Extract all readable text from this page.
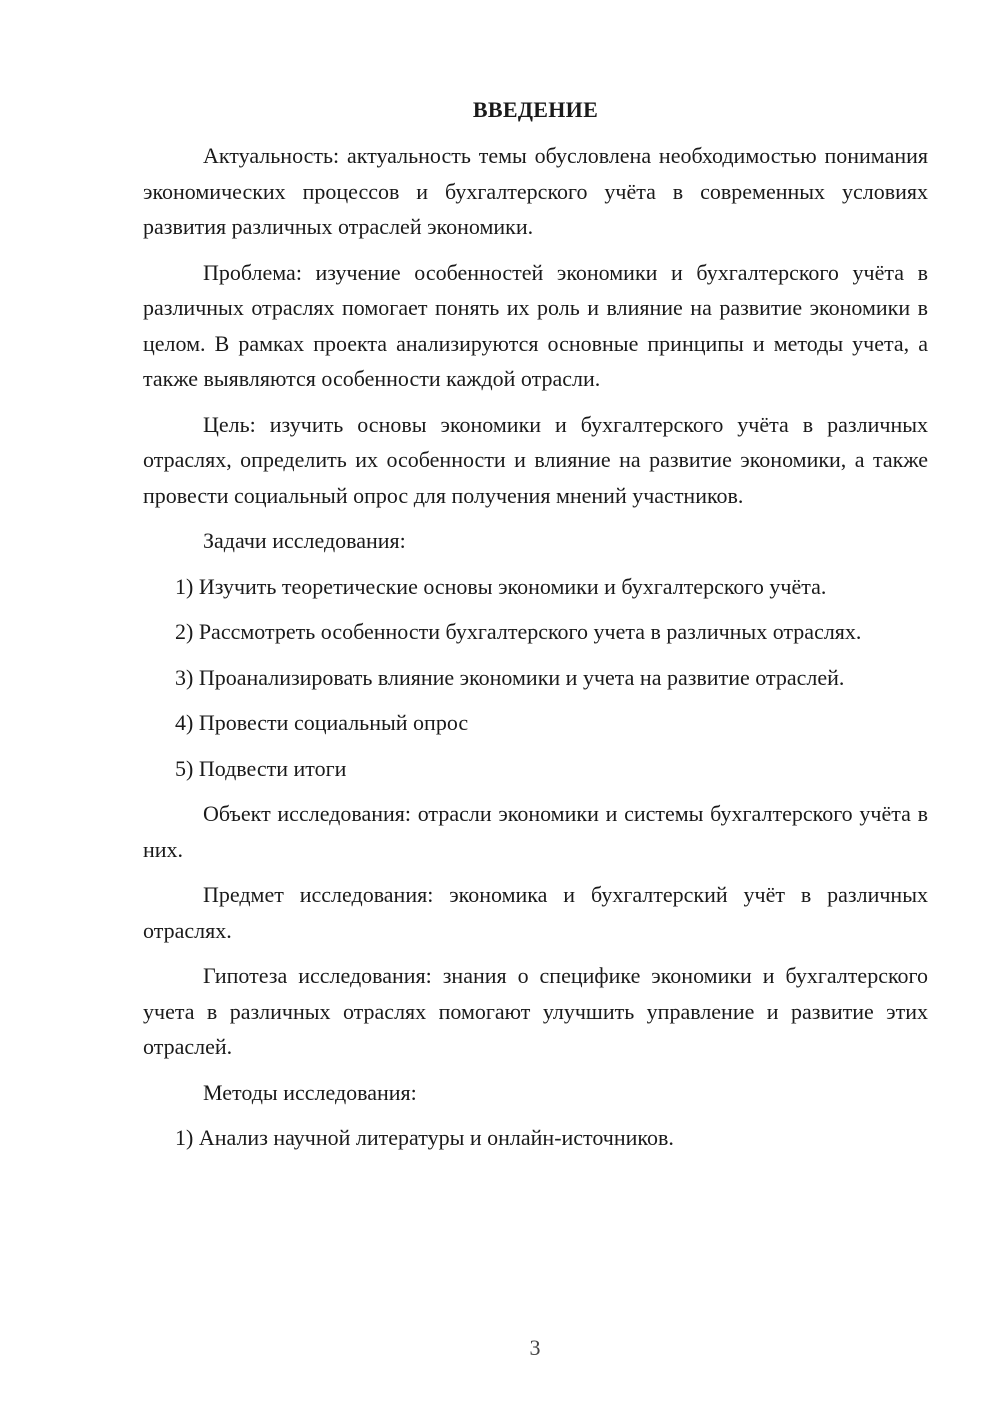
ВВЕДЕНИЕ

Актуальность: актуальность темы обусловлена необходимостью понимания экономических процессов и бухгалтерского учёта в современных условиях развития различных отраслей экономики.

Проблема: изучение особенностей экономики и бухгалтерского учёта в различных отраслях помогает понять их роль и влияние на развитие экономики в целом. В рамках проекта анализируются основные принципы и методы учета, а также выявляются особенности каждой отрасли.

Цель: изучить основы экономики и бухгалтерского учёта в различных отраслях, определить их особенности и влияние на развитие экономики, а также провести социальный опрос для получения мнений участников.

Задачи исследования:

1) Изучить теоретические основы экономики и бухгалтерского учёта.

2) Рассмотреть особенности бухгалтерского учета в различных отраслях.

3) Проанализировать влияние экономики и учета на развитие отраслей.

4) Провести социальный опрос

5) Подвести итоги

Объект исследования: отрасли экономики и системы бухгалтерского учёта в них.

Предмет исследования: экономика и бухгалтерский учёт в различных отраслях.

Гипотеза исследования: знания о специфике экономики и бухгалтерского учета в различных отраслях помогают улучшить управление и развитие этих отраслей.

Методы исследования:

1) Анализ научной литературы и онлайн-источников.

3
